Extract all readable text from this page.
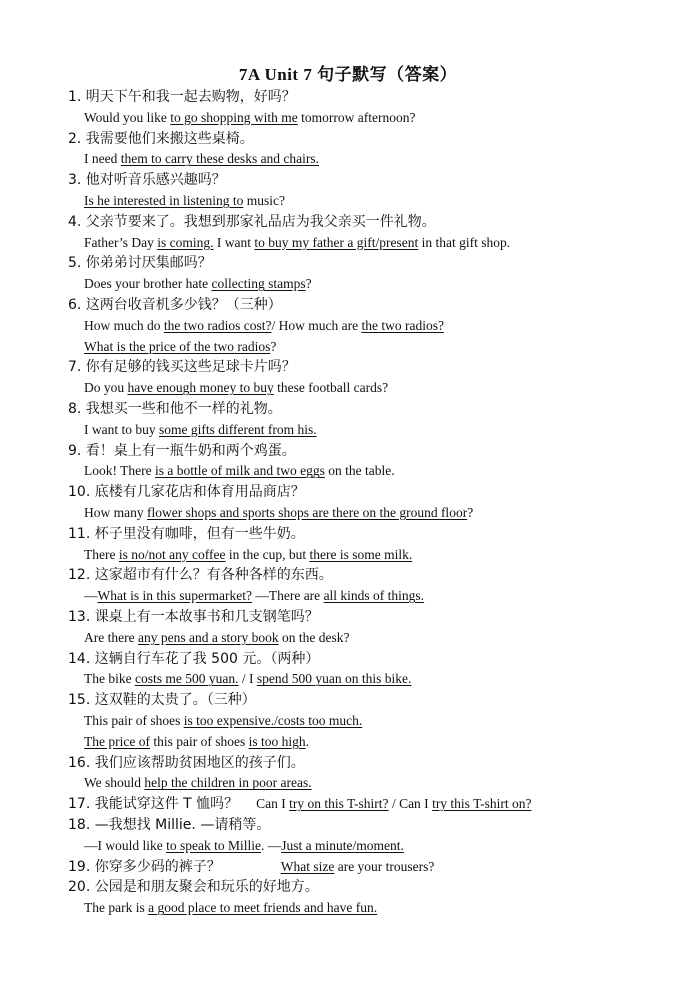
7A Unit 7 句子默写（答案）
1. 明天下午和我一起去购物，好吗？
Would you like to go shopping with me tomorrow afternoon?
2. 我需要他们来搬这些桌椅。
I need them to carry these desks and chairs.
3. 他对听音乐感兴趣吗？
Is he interested in listening to music?
4. 父亲节要来了。我想到那家礼品店为我父亲买一件礼物。
Father’s Day is coming. I want to buy my father a gift/present in that gift shop.
5. 你弟弟讨厌集邮吗？
Does your brother hate collecting stamps?
6. 这两台收音机多少钱？（三种）
How much do the two radios cost?/ How much are the two radios?
What is the price of the two radios?
7. 你有足够的钱买这些足球卡片吗？
Do you have enough money to buy these football cards?
8. 我想买一些和他不一样的礼物。
I want to buy some gifts different from his.
9. 看！桌上有一瓶牛奶和两个鸡蛋。
Look! There is a bottle of milk and two eggs on the table.
10. 底楼有几家花店和体育用品商店？
How many flower shops and sports shops are there on the ground floor?
11. 杯子里没有咖啡，但有一些牛奶。
There is no/not any coffee in the cup, but there is some milk.
12. 这家超市有什么？有各种各样的东西。
—What is in this supermarket? —There are all kinds of things.
13. 课桌上有一本故事书和几支钢笔吗？
Are there any pens and a story book on the desk?
14. 这辆自行车花了我 500 元。（两种）
The bike costs me 500 yuan. / I spend 500 yuan on this bike.
15. 这双鞋的太贵了。（三种）
This pair of shoes is too expensive./costs too much.
The price of this pair of shoes is too high.
16. 我们应该帮助贫困地区的孩子们。
We should help the children in poor areas.
17. 我能试穿这件 T 恤吗？ Can I try on this T-shirt? / Can I try this T-shirt on?
18. —我想找 Millie. —请稍等。
—I would like to speak to Millie. —Just a minute/moment.
19. 你穿多少码的裤子？	What size are your trousers?
20. 公园是和朋友聚会和玩乐的好地方。
The park is a good place to meet friends and have fun.
